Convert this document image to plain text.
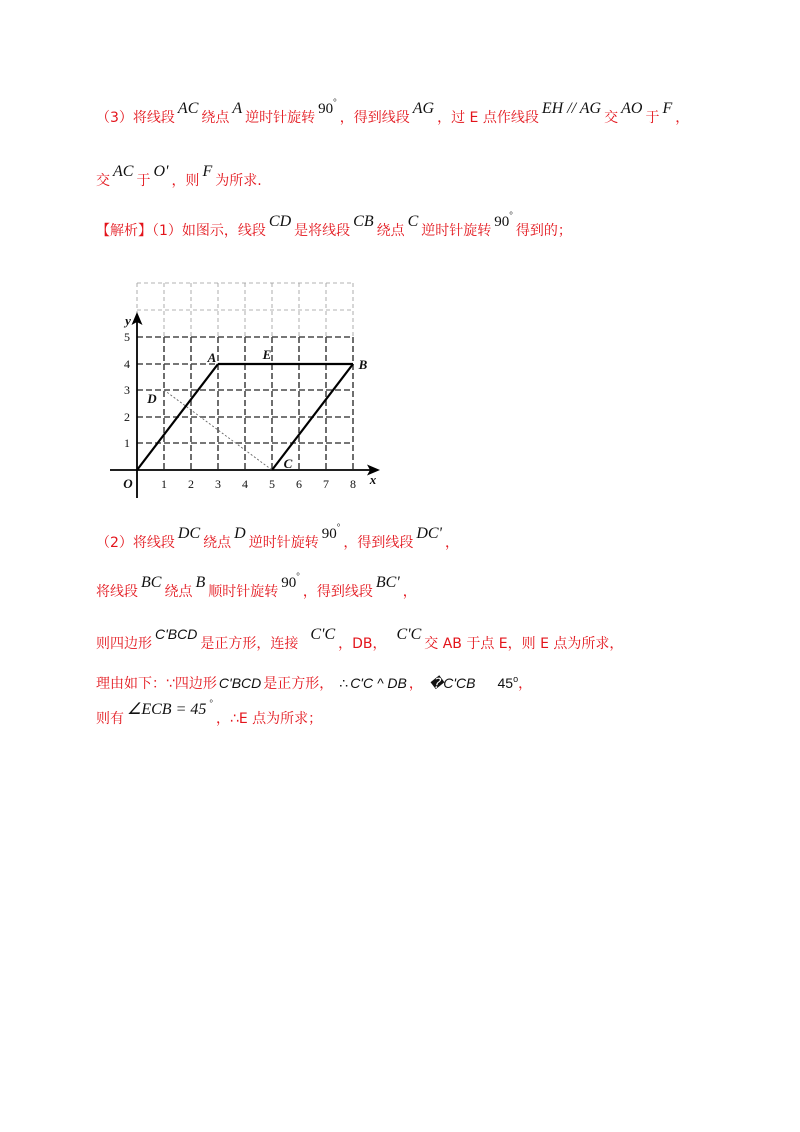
（3）将线段AC绕点A逆时针旋转90°，得到线段AG，过 E 点作线段EH // AG交AO于F，
交AC于O'，则F为所求.
【解析】（1）如图示，线段CD是将线段CB绕点C逆时针旋转90°得到的；
y
x
O
1
2
3
4
5
1 2 3 4 5 6 7 8
A	E
B
C
D
（2）将线段DC绕点D逆时针旋转90°，得到线段DC'，
将线段BC绕点B顺时针旋转90°，得到线段BC'，
则四边形C'BCD是正方形，连接C'C，DB，C'C交 AB 于点 E，则 E 点为所求，
理由如下：∵四边形 C'BCD 是正方形， ∴ C'C ^ DB ， �C'CB 45$^o$，
则有∠ECB = 45 °，∴E 点为所求；
